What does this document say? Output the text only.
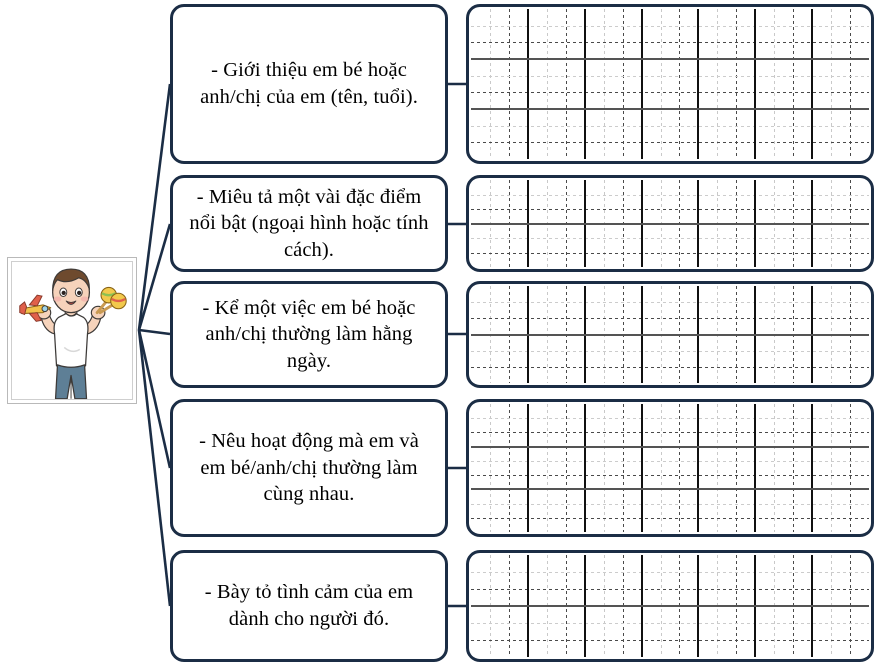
- Giới thiệu em bé hoặc anh/chị của em (tên, tuổi).
- Miêu tả một vài đặc điểm nổi bật (ngoại hình hoặc tính cách).
- Kể một việc em bé hoặc anh/chị thường làm hằng ngày.
- Nêu hoạt động mà em và em bé/anh/chị thường làm cùng nhau.
- Bày tỏ tình cảm của em dành cho người đó.
